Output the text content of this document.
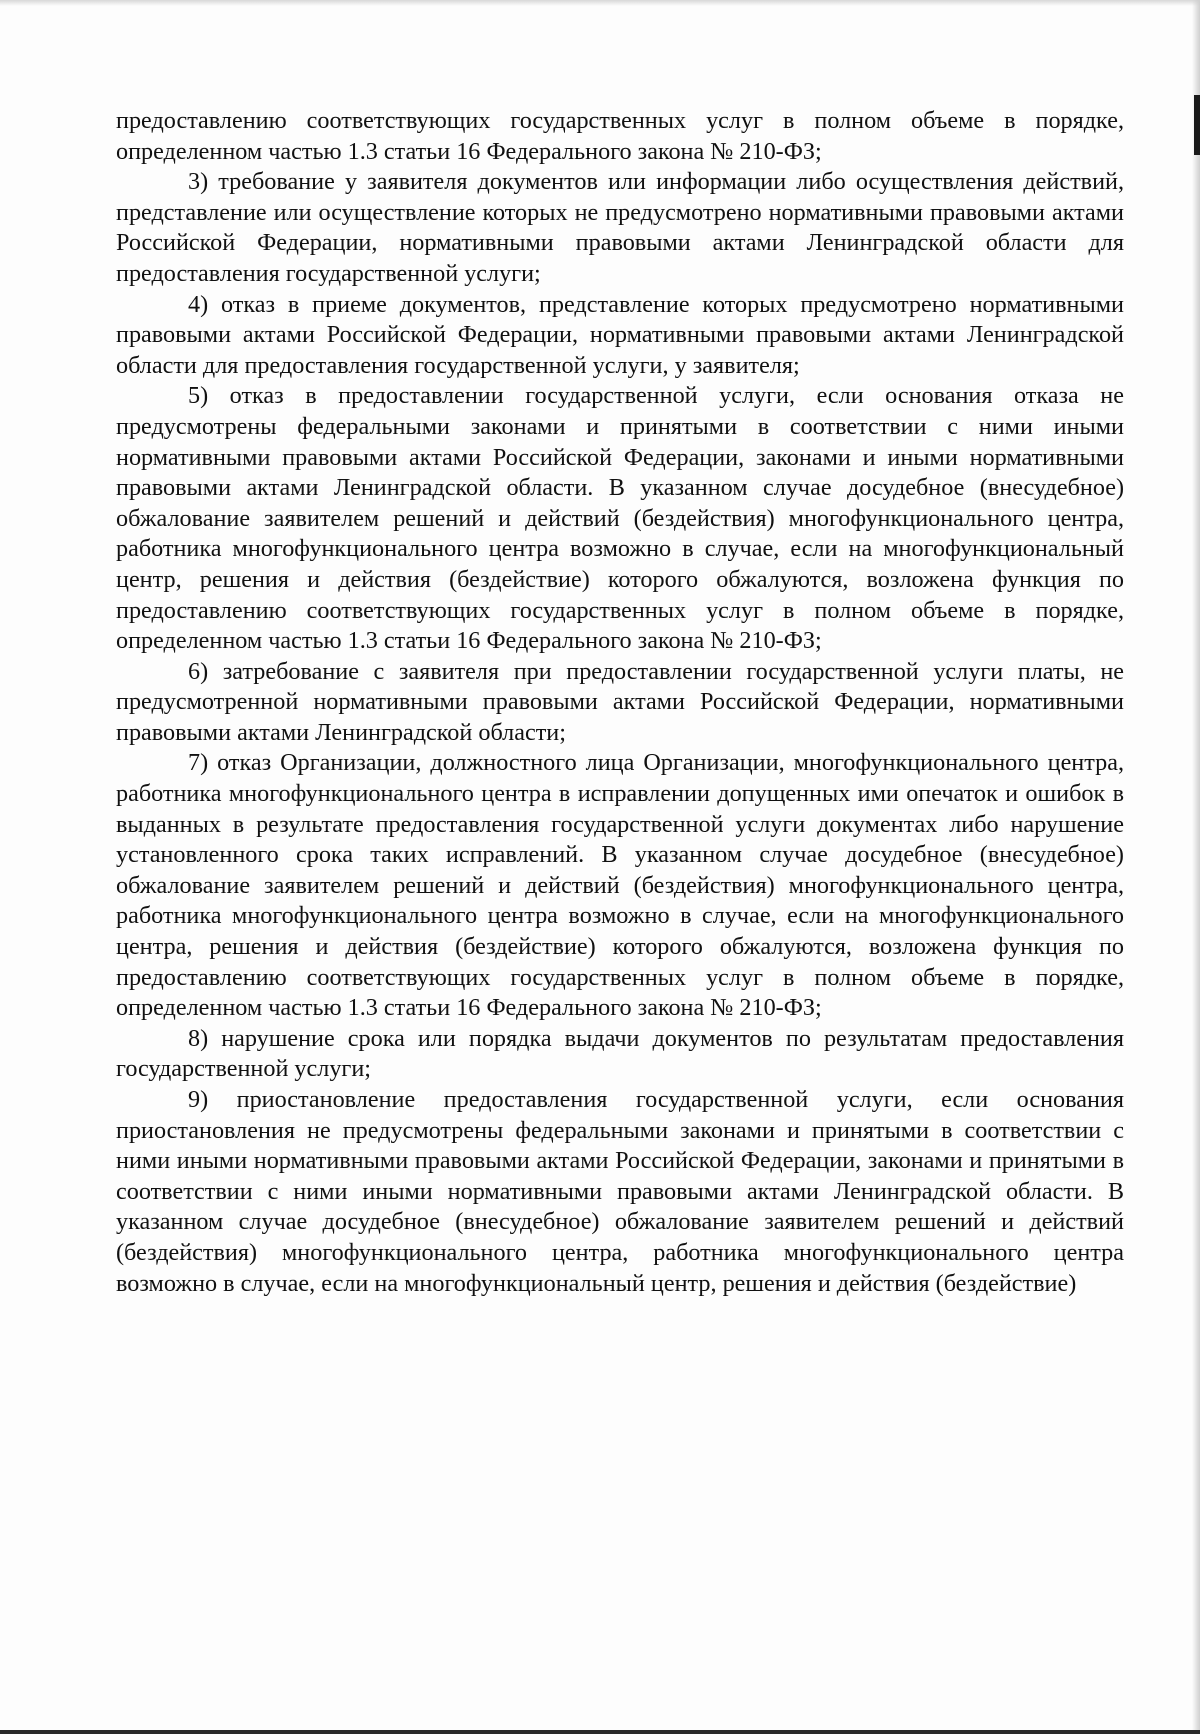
предоставлению соответствующих государственных услуг в полном объеме в порядке, определенном частью 1.3 статьи 16 Федерального закона № 210-ФЗ;

3) требование у заявителя документов или информации либо осуществления действий, представление или осуществление которых не предусмотрено нормативными правовыми актами Российской Федерации, нормативными правовыми актами Ленинградской области для предоставления государственной услуги;

4) отказ в приеме документов, представление которых предусмотрено нормативными правовыми актами Российской Федерации, нормативными правовыми актами Ленинградской области для предоставления государственной услуги, у заявителя;

5) отказ в предоставлении государственной услуги, если основания отказа не предусмотрены федеральными законами и принятыми в соответствии с ними иными нормативными правовыми актами Российской Федерации, законами и иными нормативными правовыми актами Ленинградской области. В указанном случае досудебное (внесудебное) обжалование заявителем решений и действий (бездействия) многофункционального центра, работника многофункционального центра возможно в случае, если на многофункциональный центр, решения и действия (бездействие) которого обжалуются, возложена функция по предоставлению соответствующих государственных услуг в полном объеме в порядке, определенном частью 1.3 статьи 16 Федерального закона № 210-ФЗ;

6) затребование с заявителя при предоставлении государственной услуги платы, не предусмотренной нормативными правовыми актами Российской Федерации, нормативными правовыми актами Ленинградской области;

7) отказ Организации, должностного лица Организации, многофункционального центра, работника многофункционального центра в исправлении допущенных ими опечаток и ошибок в выданных в результате предоставления государственной услуги документах либо нарушение установленного срока таких исправлений. В указанном случае досудебное (внесудебное) обжалование заявителем решений и действий (бездействия) многофункционального центра, работника многофункционального центра возможно в случае, если на многофункционального центра, решения и действия (бездействие) которого обжалуются, возложена функция по предоставлению соответствующих государственных услуг в полном объеме в порядке, определенном частью 1.3 статьи 16 Федерального закона № 210-ФЗ;

8) нарушение срока или порядка выдачи документов по результатам предоставления государственной услуги;

9) приостановление предоставления государственной услуги, если основания приостановления не предусмотрены федеральными законами и принятыми в соответствии с ними иными нормативными правовыми актами Российской Федерации, законами и принятыми в соответствии с ними иными нормативными правовыми актами Ленинградской области. В указанном случае досудебное (внесудебное) обжалование заявителем решений и действий (бездействия) многофункционального центра, работника многофункционального центра возможно в случае, если на многофункциональный центр, решения и действия (бездействие)
